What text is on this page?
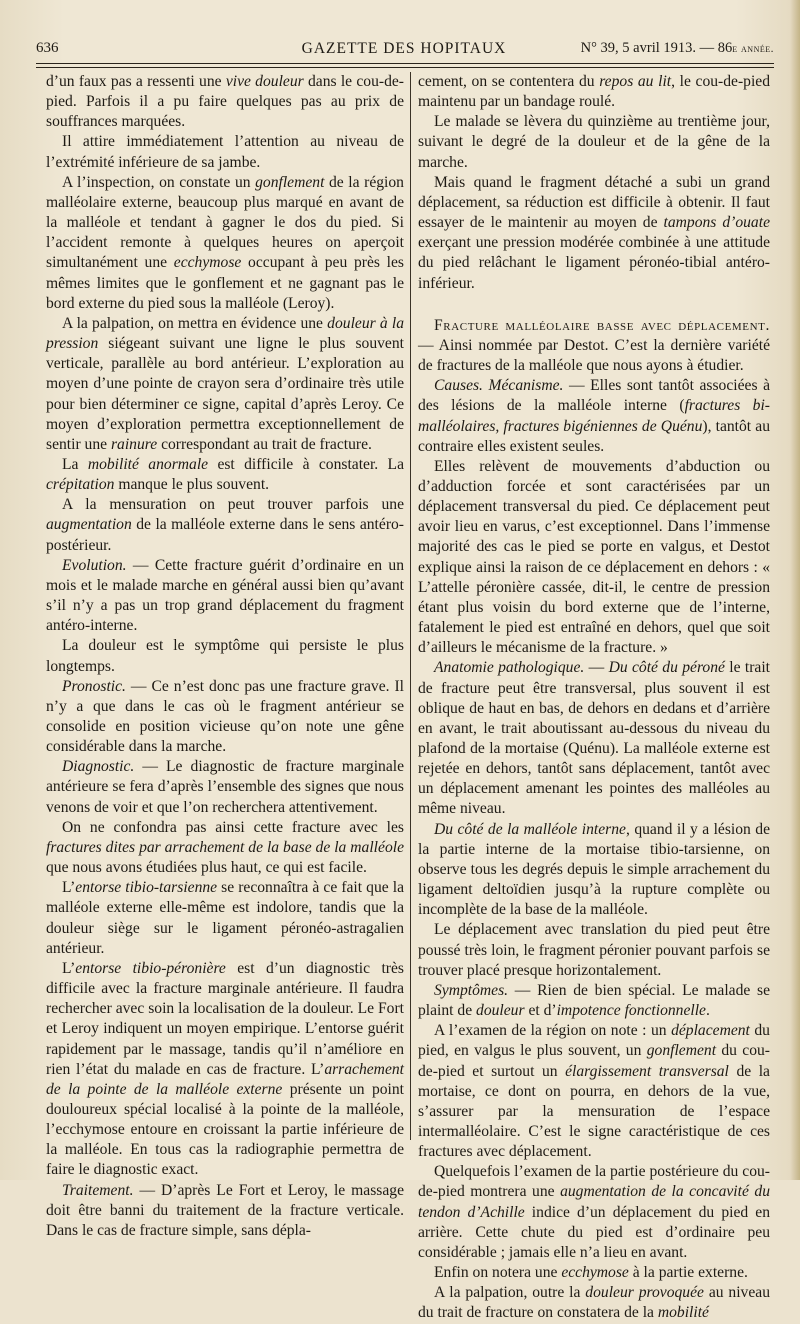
636	GAZETTE DES HOPITAUX	N° 39, 5 avril 1913. — 86e année.

d’un faux pas a ressenti une vive douleur dans le cou-de-pied. Parfois il a pu faire quelques pas au prix de souffrances marquées.

Il attire immédiatement l’attention au niveau de l’extrémité inférieure de sa jambe.

A l’inspection, on constate un gonflement de la région malléolaire externe, beaucoup plus marqué en avant de la malléole et tendant à gagner le dos du pied. Si l’accident remonte à quelques heures on aperçoit simultanément une ecchymose occupant à peu près les mêmes limites que le gonflement et ne gagnant pas le bord externe du pied sous la malléole (Leroy).

A la palpation, on mettra en évidence une douleur à la pression siégeant suivant une ligne le plus souvent verticale, parallèle au bord antérieur. L’exploration au moyen d’une pointe de crayon sera d’ordinaire très utile pour bien déterminer ce signe, capital d’après Leroy. Ce moyen d’exploration permettra exceptionnellement de sentir une rainure correspondant au trait de fracture.

La mobilité anormale est difficile à constater. La crépitation manque le plus souvent.

A la mensuration on peut trouver parfois une augmentation de la malléole externe dans le sens antéro-postérieur.

Evolution. — Cette fracture guérit d’ordinaire en un mois et le malade marche en général aussi bien qu’avant s’il n’y a pas un trop grand déplacement du fragment antéro-interne.

La douleur est le symptôme qui persiste le plus longtemps.

Pronostic. — Ce n’est donc pas une fracture grave. Il n’y a que dans le cas où le fragment antérieur se consolide en position vicieuse qu’on note une gêne considérable dans la marche.

Diagnostic. — Le diagnostic de fracture marginale antérieure se fera d’après l’ensemble des signes que nous venons de voir et que l’on recherchera attentivement.

On ne confondra pas ainsi cette fracture avec les fractures dites par arrachement de la base de la malléole que nous avons étudiées plus haut, ce qui est facile.

L’entorse tibio-tarsienne se reconnaîtra à ce fait que la malléole externe elle-même est indolore, tandis que la douleur siège sur le ligament péronéo-astragalien antérieur.

L’entorse tibio-péronière est d’un diagnostic très difficile avec la fracture marginale antérieure. Il faudra rechercher avec soin la localisation de la douleur. Le Fort et Leroy indiquent un moyen empirique. L’entorse guérit rapidement par le massage, tandis qu’il n’améliore en rien l’état du malade en cas de fracture. L’arrachement de la pointe de la malléole externe présente un point douloureux spécial localisé à la pointe de la malléole, l’ecchymose entoure en croissant la partie inférieure de la malléole. En tous cas la radiographie permettra de faire le diagnostic exact.

Traitement. — D’après Le Fort et Leroy, le massage doit être banni du traitement de la fracture verticale. Dans le cas de fracture simple, sans dépla-

cement, on se contentera du repos au lit, le cou-de-pied maintenu par un bandage roulé.

Le malade se lèvera du quinzième au trentième jour, suivant le degré de la douleur et de la gêne de la marche.

Mais quand le fragment détaché a subi un grand déplacement, sa réduction est difficile à obtenir. Il faut essayer de le maintenir au moyen de tampons d’ouate exerçant une pression modérée combinée à une attitude du pied relâchant le ligament péronéo-tibial antéro-inférieur.

Fracture malléolaire basse avec déplacement. — Ainsi nommée par Destot. C’est la dernière variété de fractures de la malléole que nous ayons à étudier.

Causes. Mécanisme. — Elles sont tantôt associées à des lésions de la malléole interne (fractures bi-malléolaires, fractures bigéniennes de Quénu), tantôt au contraire elles existent seules.

Elles relèvent de mouvements d’abduction ou d’adduction forcée et sont caractérisées par un déplacement transversal du pied. Ce déplacement peut avoir lieu en varus, c’est exceptionnel. Dans l’immense majorité des cas le pied se porte en valgus, et Destot explique ainsi la raison de ce déplacement en dehors : « L’attelle péronière cassée, dit-il, le centre de pression étant plus voisin du bord externe que de l’interne, fatalement le pied est entraîné en dehors, quel que soit d’ailleurs le mécanisme de la fracture. »

Anatomie pathologique. — Du côté du péroné le trait de fracture peut être transversal, plus souvent il est oblique de haut en bas, de dehors en dedans et d’arrière en avant, le trait aboutissant au-dessous du niveau du plafond de la mortaise (Quénu). La malléole externe est rejetée en dehors, tantôt sans déplacement, tantôt avec un déplacement amenant les pointes des malléoles au même niveau.

Du côté de la malléole interne, quand il y a lésion de la partie interne de la mortaise tibio-tarsienne, on observe tous les degrés depuis le simple arrachement du ligament deltoïdien jusqu’à la rupture complète ou incomplète de la base de la malléole.

Le déplacement avec translation du pied peut être poussé très loin, le fragment péronier pouvant parfois se trouver placé presque horizontalement.

Symptômes. — Rien de bien spécial. Le malade se plaint de douleur et d’impotence fonctionnelle.

A l’examen de la région on note : un déplacement du pied, en valgus le plus souvent, un gonflement du cou-de-pied et surtout un élargissement transversal de la mortaise, ce dont on pourra, en dehors de la vue, s’assurer par la mensuration de l’espace intermalléolaire. C’est le signe caractéristique de ces fractures avec déplacement.

Quelquefois l’examen de la partie postérieure du cou-de-pied montrera une augmentation de la concavité du tendon d’Achille indice d’un déplacement du pied en arrière. Cette chute du pied est d’ordinaire peu considérable ; jamais elle n’a lieu en avant.

Enfin on notera une ecchymose à la partie externe.

A la palpation, outre la douleur provoquée au niveau du trait de fracture on constatera de la mobilité
